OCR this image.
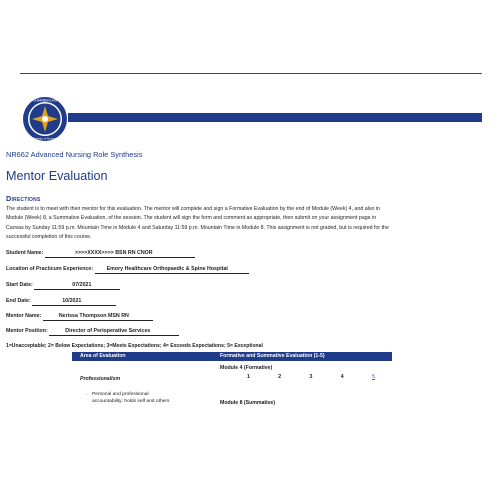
CHAMBERLAIN
College of Nursing
NR662 Advanced Nursing Role Synthesis
Mentor Evaluation
Directions
The student is to meet with their mentor for this evaluation. The mentor will complete and sign a Formative Evaluation by the end of Module (Week) 4, and also in
Module (Week) 8, a Summative Evaluation, of the session. The student will sign the form and comment as appropriate, then submit on your assignment page in
Canvas by Sunday 11:59 p.m. Mountain Time in Module 4 and Saturday 11:59 p.m. Mountain Time in Module 8. This assignment is not graded, but is required for the
successful completion of this course.
Student Name:	>>>>XXXX>>>> BSN RN CNOR
Location of Practicum Experience:	Emory Healthcare Orthopaedic & Spine Hospital
Start Date:	07/2021
End Date:	10/2021
Mentor Name:	Nerissa Thompson MSN RN
Mentor Position:	Director of Perioperative Services
1=Unacceptable; 2= Below Expectations; 3=Meets Expectations; 4= Exceeds Expectations; 5= Exceptional
Area of Evaluation	Formative and Summative Evaluation (1-5)
Professionalism
Module 4 (Formative)
1	2	3	4	5
· Personal and professional
accountability: holds self and others	Module 8 (Summative)
